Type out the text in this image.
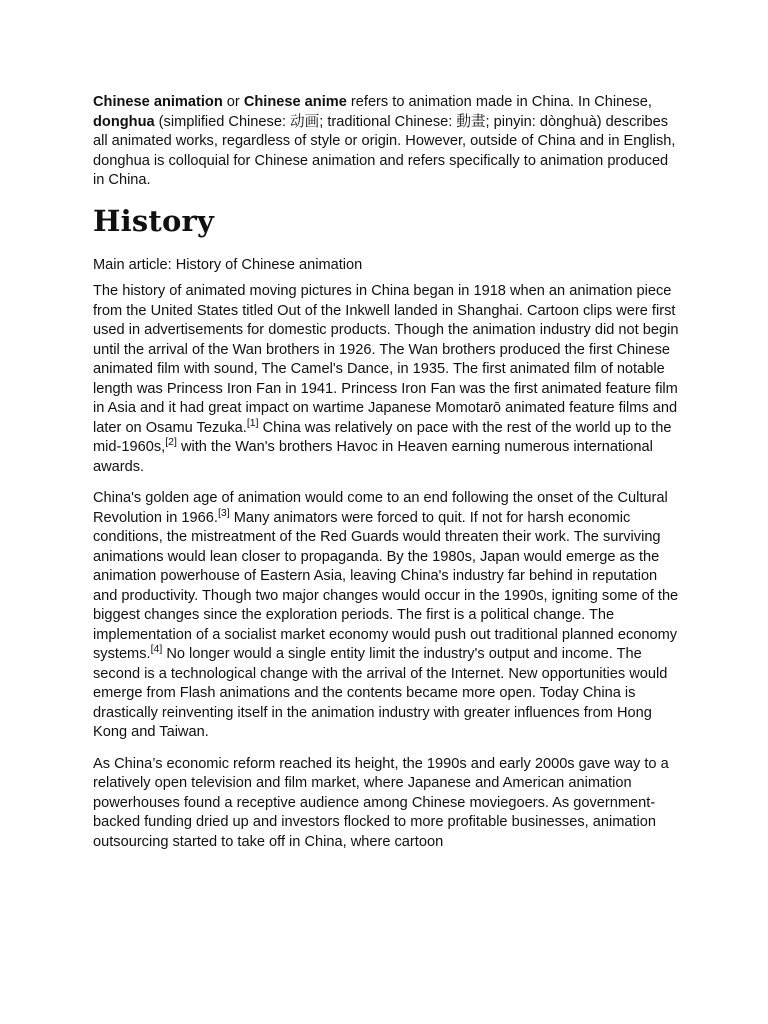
Chinese animation or Chinese anime refers to animation made in China. In Chinese, donghua (simplified Chinese: 动画; traditional Chinese: 動畫; pinyin: dònghuà) describes all animated works, regardless of style or origin. However, outside of China and in English, donghua is colloquial for Chinese animation and refers specifically to animation produced in China.

History

Main article: History of Chinese animation

The history of animated moving pictures in China began in 1918 when an animation piece from the United States titled Out of the Inkwell landed in Shanghai. Cartoon clips were first used in advertisements for domestic products. Though the animation industry did not begin until the arrival of the Wan brothers in 1926. The Wan brothers produced the first Chinese animated film with sound, The Camel's Dance, in 1935. The first animated film of notable length was Princess Iron Fan in 1941. Princess Iron Fan was the first animated feature film in Asia and it had great impact on wartime Japanese Momotarō animated feature films and later on Osamu Tezuka.[1] China was relatively on pace with the rest of the world up to the mid-1960s,[2] with the Wan's brothers Havoc in Heaven earning numerous international awards.

China's golden age of animation would come to an end following the onset of the Cultural Revolution in 1966.[3] Many animators were forced to quit. If not for harsh economic conditions, the mistreatment of the Red Guards would threaten their work. The surviving animations would lean closer to propaganda. By the 1980s, Japan would emerge as the animation powerhouse of Eastern Asia, leaving China's industry far behind in reputation and productivity. Though two major changes would occur in the 1990s, igniting some of the biggest changes since the exploration periods. The first is a political change. The implementation of a socialist market economy would push out traditional planned economy systems.[4] No longer would a single entity limit the industry's output and income. The second is a technological change with the arrival of the Internet. New opportunities would emerge from Flash animations and the contents became more open. Today China is drastically reinventing itself in the animation industry with greater influences from Hong Kong and Taiwan.

As China’s economic reform reached its height, the 1990s and early 2000s gave way to a relatively open television and film market, where Japanese and American animation powerhouses found a receptive audience among Chinese moviegoers. As government-backed funding dried up and investors flocked to more profitable businesses, animation outsourcing started to take off in China, where cartoon
